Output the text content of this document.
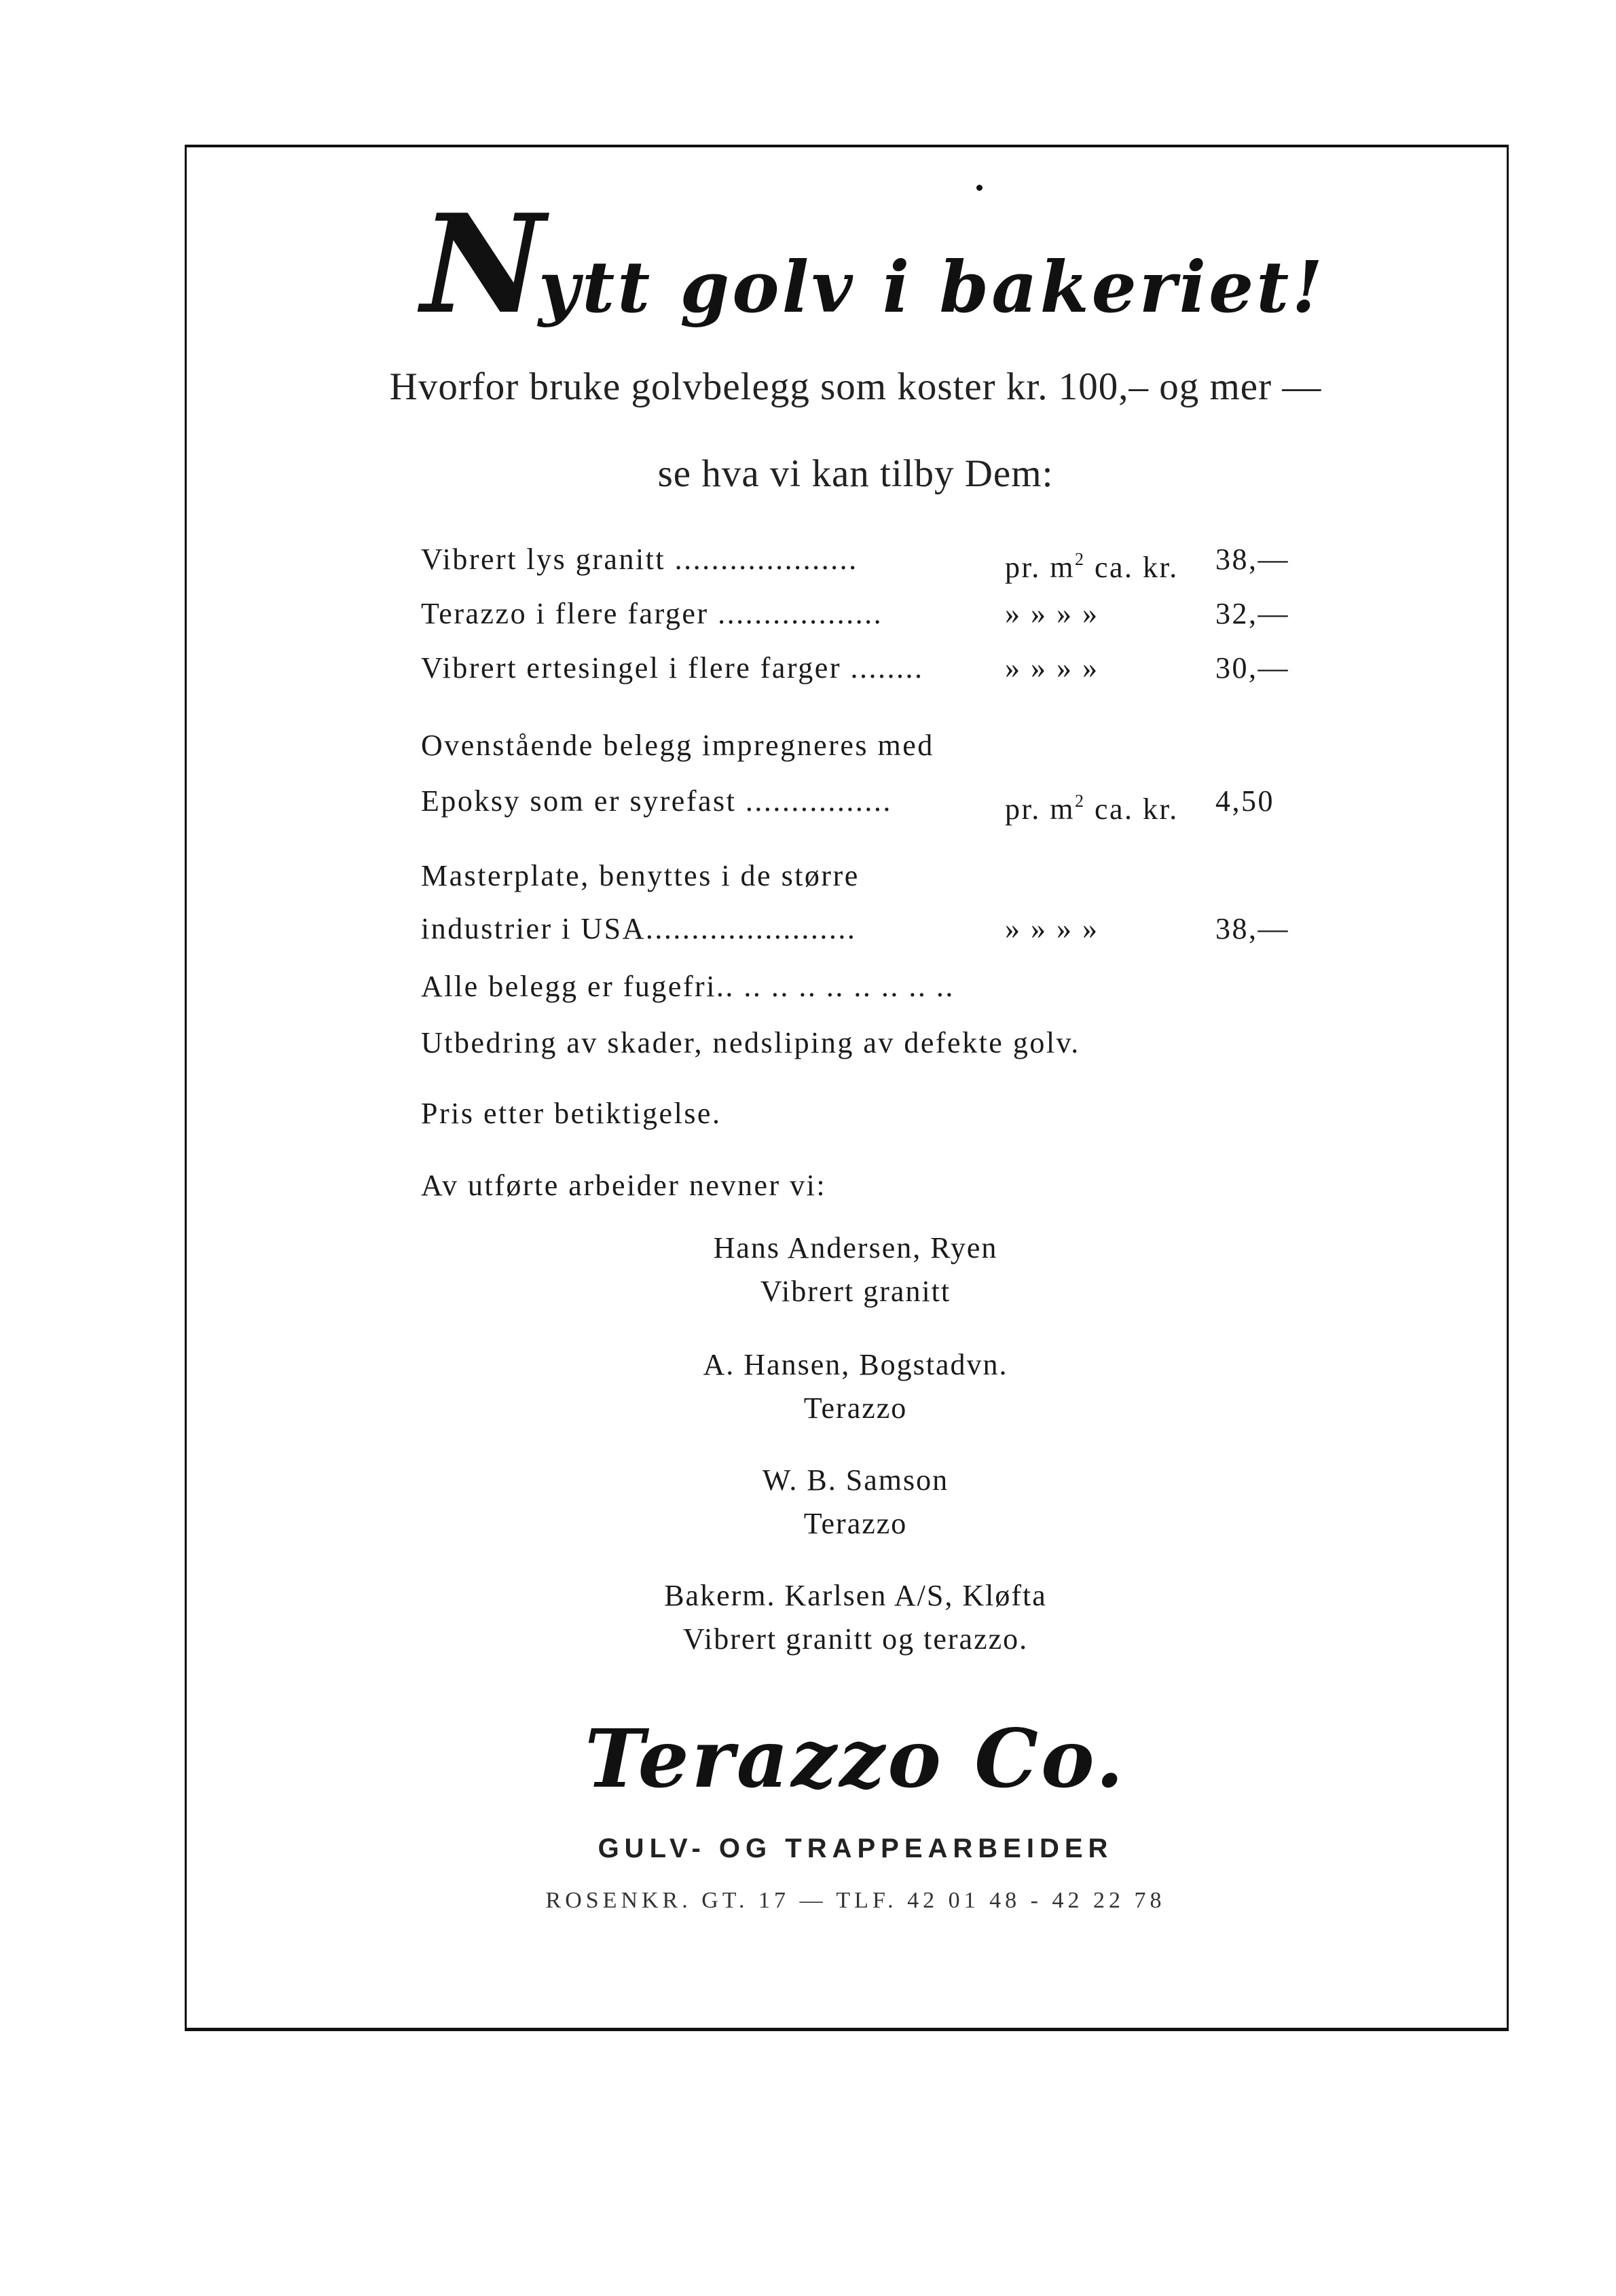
Nytt golv i bakeriet!
Hvorfor bruke golvbelegg som koster kr. 100,– og mer —
se hva vi kan tilby Dem:
Vibrert lys granitt ....................	pr. $m^2$ ca. kr. 38,—
Terazzo i flere farger ..................	» » » »	32,—
Vibrert ertesingel i flere farger ........	» » » »	30,—
Ovenstående belegg impregneres med
Epoksy som er syrefast ................	pr. $m^2$ ca. kr. 4,50
Masterplate, benyttes i de større
industrier i USA.......................	» » » »	38,—
Alle belegg er fugefri.. .. .. .. .. .. .. .. ..
Utbedring av skader, nedsliping av defekte golv.
Pris etter betiktigelse.
Av utførte arbeider nevner vi:
Hans Andersen, Ryen
Vibrert granitt
A. Hansen, Bogstadvn.
Terazzo
W. B. Samson
Terazzo
Bakerm. Karlsen A/S, Kløfta
Vibrert granitt og terazzo.
Terazzo Co.
GULV- OG TRAPPEARBEIDER
ROSENKR. GT. 17 — TLF. 42 01 48 - 42 22 78
